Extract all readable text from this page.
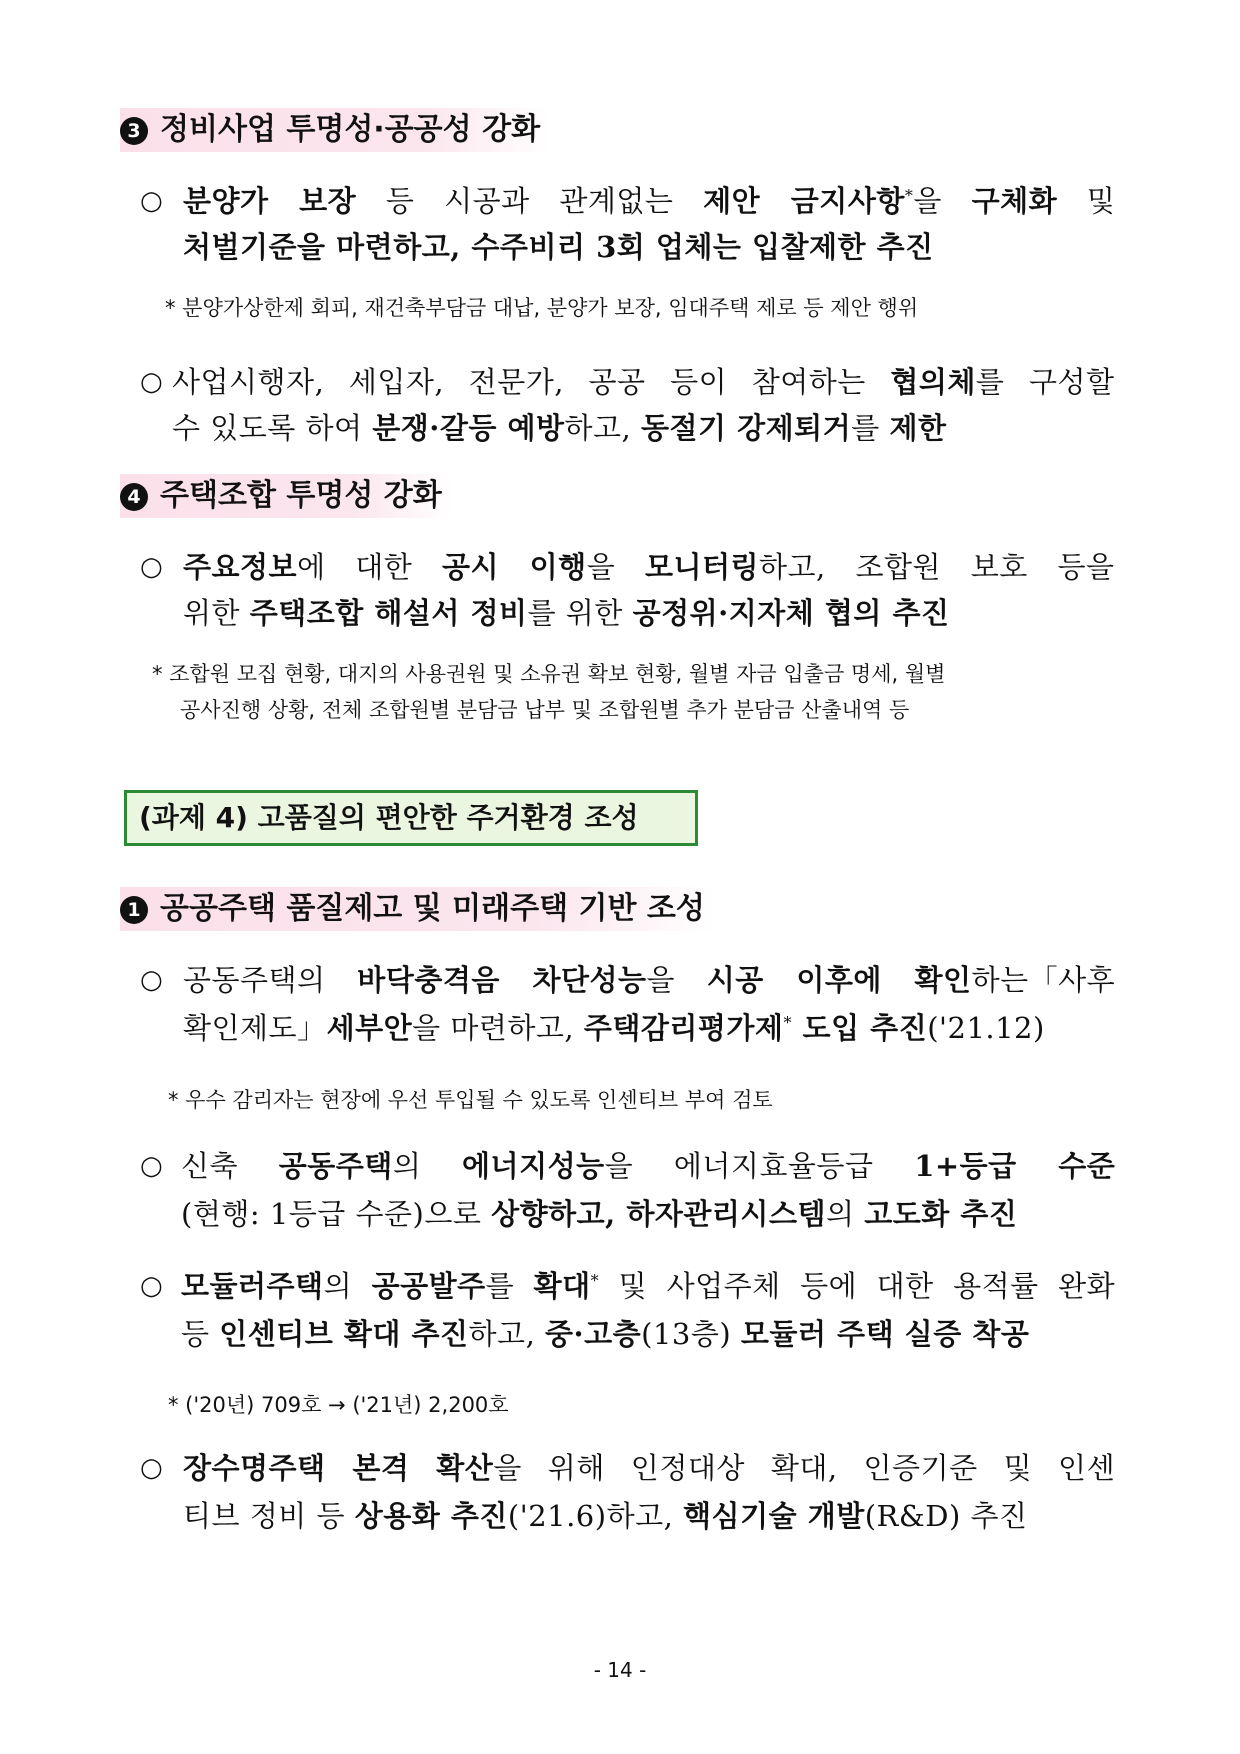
3 정비사업 투명성·공공성 강화
○ 분양가 보장 등 시공과 관계없는 제안 금지사항*을 구체화 및
처벌기준을 마련하고, 수주비리 3회 업체는 입찰제한 추진
* 분양가상한제 회피, 재건축부담금 대납, 분양가 보장, 임대주택 제로 등 제안 행위
○ 사업시행자, 세입자, 전문가, 공공 등이 참여하는 협의체를 구성할
수 있도록 하여 분쟁·갈등 예방하고, 동절기 강제퇴거를 제한
4 주택조합 투명성 강화
○ 주요정보에 대한 공시 이행을 모니터링하고, 조합원 보호 등을
위한 주택조합 해설서 정비를 위한 공정위·지자체 협의 추진
* 조합원 모집 현황, 대지의 사용권원 및 소유권 확보 현황, 월별 자금 입출금 명세, 월별
공사진행 상황, 전체 조합원별 분담금 납부 및 조합원별 추가 분담금 산출내역 등
(과제 4) 고품질의 편안한 주거환경 조성
1 공공주택 품질제고 및 미래주택 기반 조성
○ 공동주택의 바닥충격음 차단성능을 시공 이후에 확인하는「사후
확인제도」세부안을 마련하고, 주택감리평가제* 도입 추진('21.12)
* 우수 감리자는 현장에 우선 투입될 수 있도록 인센티브 부여 검토
○ 신축 공동주택의 에너지성능을 에너지효율등급 1+등급 수준
(현행: 1등급 수준)으로 상향하고, 하자관리시스템의 고도화 추진
○ 모듈러주택의 공공발주를 확대* 및 사업주체 등에 대한 용적률 완화
등 인센티브 확대 추진하고, 중·고층(13층) 모듈러 주택 실증 착공
* ('20년) 709호 → ('21년) 2,200호
○ 장수명주택 본격 확산을 위해 인정대상 확대, 인증기준 및 인센
티브 정비 등 상용화 추진('21.6)하고, 핵심기술 개발(R&D) 추진
- 14 -
